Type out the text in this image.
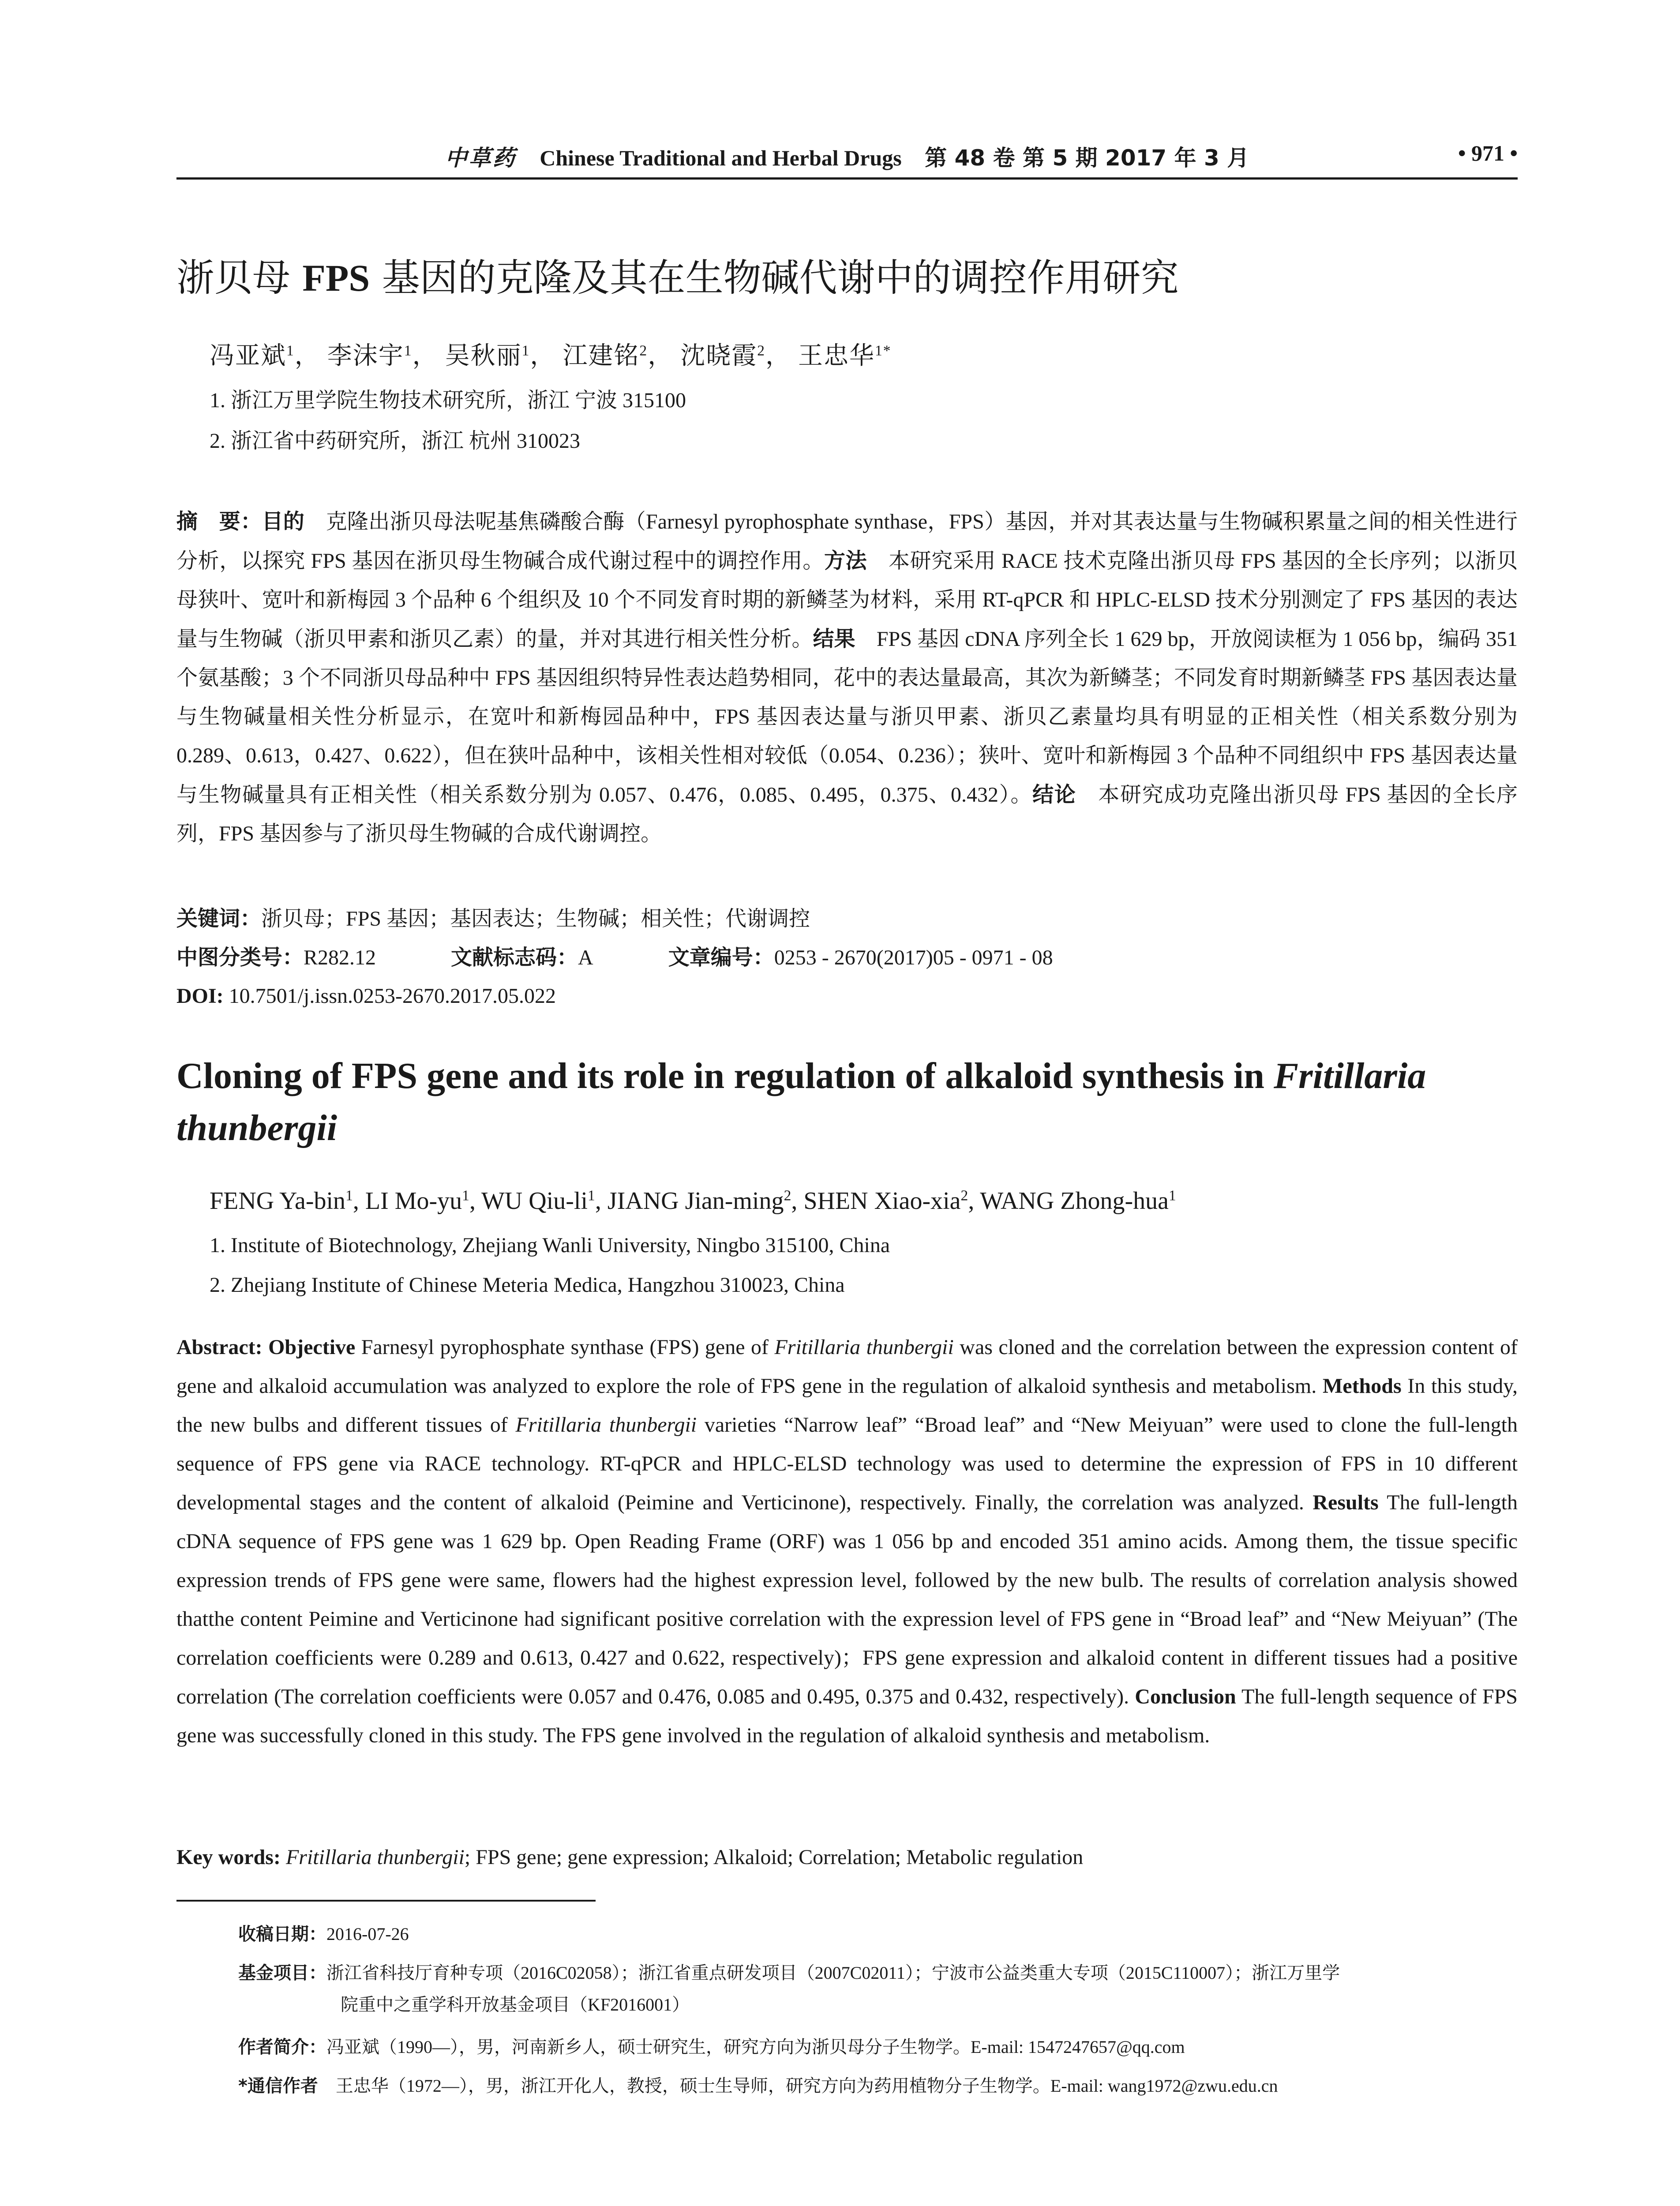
中草药 Chinese Traditional and Herbal Drugs 第 48 卷 第 5 期 2017 年 3 月	• 971 •
浙贝母 FPS 基因的克隆及其在生物碱代谢中的调控作用研究
冯亚斌$^1$， 李沫宇$^1$， 吴秋丽$^1$， 江建铭$^2$， 沈晓霞$^2$， 王忠华$^{1*}$
1. 浙江万里学院生物技术研究所，浙江 宁波 315100
2. 浙江省中药研究所，浙江 杭州 310023
摘　要：目的　克隆出浙贝母法呢基焦磷酸合酶（Farnesyl pyrophosphate synthase，FPS）基因，并对其表达量与生物碱积累量之间的相关性进行分析，以探究 FPS 基因在浙贝母生物碱合成代谢过程中的调控作用。方法　本研究采用 RACE 技术克隆出浙贝母 FPS 基因的全长序列；以浙贝母狭叶、宽叶和新梅园 3 个品种 6 个组织及 10 个不同发育时期的新鳞茎为材料，采用 RT-qPCR 和 HPLC-ELSD 技术分别测定了 FPS 基因的表达量与生物碱（浙贝甲素和浙贝乙素）的量，并对其进行相关性分析。结果　FPS 基因 cDNA 序列全长 1 629 bp，开放阅读框为 1 056 bp，编码 351 个氨基酸；3 个不同浙贝母品种中 FPS 基因组织特异性表达趋势相同，花中的表达量最高，其次为新鳞茎；不同发育时期新鳞茎 FPS 基因表达量与生物碱量相关性分析显示，在宽叶和新梅园品种中，FPS 基因表达量与浙贝甲素、浙贝乙素量均具有明显的正相关性（相关系数分别为 0.289、0.613，0.427、0.622），但在狭叶品种中，该相关性相对较低（0.054、0.236）；狭叶、宽叶和新梅园 3 个品种不同组织中 FPS 基因表达量与生物碱量具有正相关性（相关系数分别为 0.057、0.476，0.085、0.495，0.375、0.432）。结论　本研究成功克隆出浙贝母 FPS 基因的全长序列，FPS 基因参与了浙贝母生物碱的合成代谢调控。
关键词：浙贝母；FPS 基因；基因表达；生物碱；相关性；代谢调控
中图分类号：R282.12	文献标志码：A	文章编号：0253 - 2670(2017)05 - 0971 - 08
DOI: 10.7501/j.issn.0253-2670.2017.05.022
Cloning of FPS gene and its role in regulation of alkaloid synthesis in Fritillaria thunbergii
FENG Ya-bin$^1$, LI $Mo-yu^1$, WU Qiu-$li^1$, JIANG Jian-ming$^2$, SHEN Xiao-xia$^2$, WANG Zhong-hua$^1$
1. Institute of Biotechnology, Zhejiang Wanli University, Ningbo 315100, China
2. Zhejiang Institute of Chinese Meteria Medica, Hangzhou 310023, China
Abstract: Objective Farnesyl pyrophosphate synthase (FPS) gene of Fritillaria thunbergii was cloned and the correlation between the expression content of gene and alkaloid accumulation was analyzed to explore the role of FPS gene in the regulation of alkaloid synthesis and metabolism. Methods In this study, the new bulbs and different tissues of Fritillaria thunbergii varieties “Narrow leaf” “Broad leaf” and “New Meiyuan” were used to clone the full-length sequence of FPS gene via RACE technology. RT-qPCR and HPLC-ELSD technology was used to determine the expression of FPS in 10 different developmental stages and the content of alkaloid (Peimine and Verticinone), respectively. Finally, the correlation was analyzed. Results The full-length cDNA sequence of FPS gene was 1 629 bp. Open Reading Frame (ORF) was 1 056 bp and encoded 351 amino acids. Among them, the tissue specific expression trends of FPS gene were same, flowers had the highest expression level, followed by the new bulb. The results of correlation analysis showed thatthe content Peimine and Verticinone had significant positive correlation with the expression level of FPS gene in “Broad leaf” and “New Meiyuan” (The correlation coefficients were 0.289 and 0.613, 0.427 and 0.622, respectively)；FPS gene expression and alkaloid content in different tissues had a positive correlation (The correlation coefficients were 0.057 and 0.476, 0.085 and 0.495, 0.375 and 0.432, respectively). Conclusion The full-length sequence of FPS gene was successfully cloned in this study. The FPS gene involved in the regulation of alkaloid synthesis and metabolism.
Key words: Fritillaria thunbergii; FPS gene; gene expression; Alkaloid; Correlation; Metabolic regulation
收稿日期：2016-07-26
基金项目：浙江省科技厅育种专项（2016C02058）；浙江省重点研发项目（2007C02011）；宁波市公益类重大专项（2015C110007）；浙江万里学
院重中之重学科开放基金项目（KF2016001）
作者简介：冯亚斌（1990—），男，河南新乡人，硕士研究生，研究方向为浙贝母分子生物学。E-mail: 1547247657@qq.com
*通信作者　王忠华（1972—），男，浙江开化人，教授，硕士生导师，研究方向为药用植物分子生物学。E-mail: wang1972@zwu.edu.cn
